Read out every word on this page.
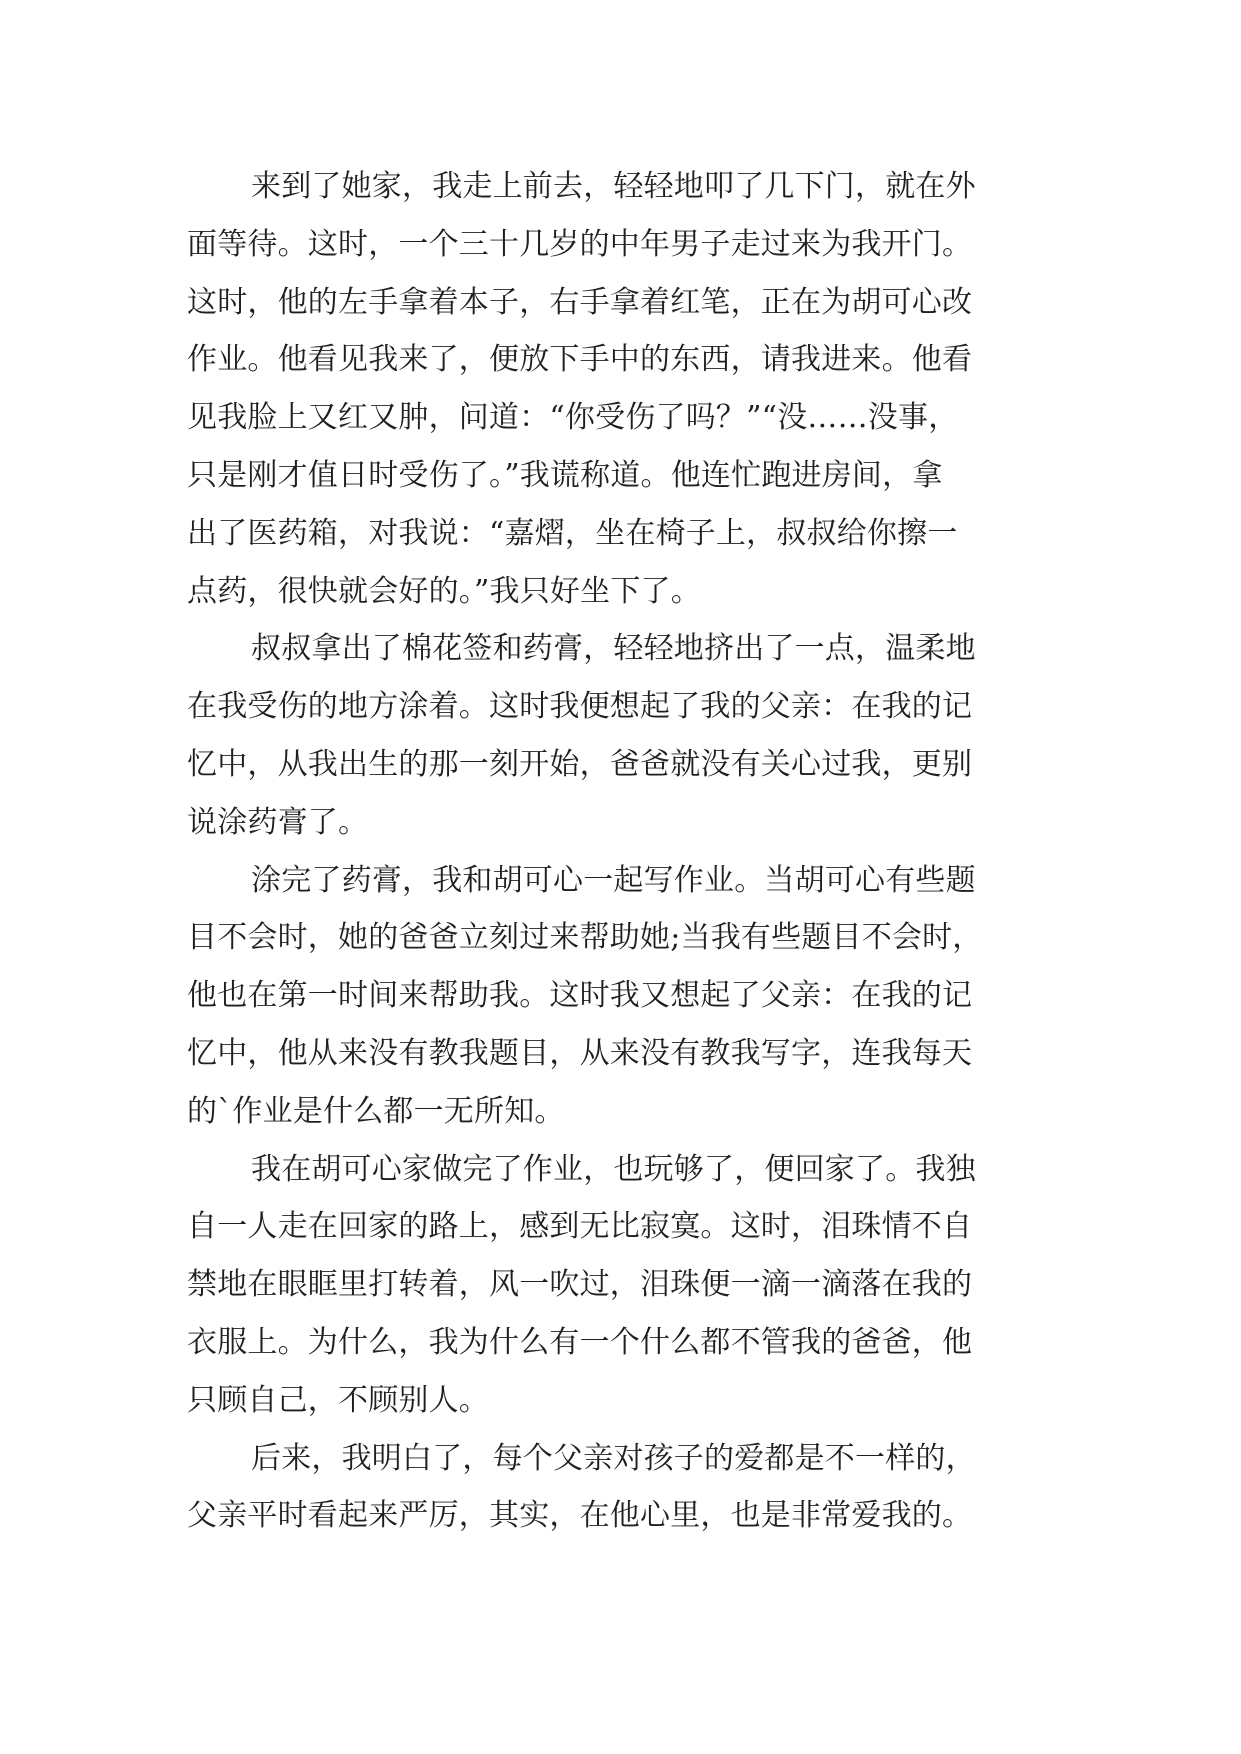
来到了她家，我走上前去，轻轻地叩了几下门，就在外
面等待。这时，一个三十几岁的中年男子走过来为我开门。
这时，他的左手拿着本子，右手拿着红笔，正在为胡可心改
作业。他看见我来了，便放下手中的东西，请我进来。他看
见我脸上又红又肿，问道：“你受伤了吗？”“没……没事，
只是刚才值日时受伤了。”我谎称道。他连忙跑进房间，拿
出了医药箱，对我说：“嘉熠，坐在椅子上，叔叔给你擦一
点药，很快就会好的。”我只好坐下了。
叔叔拿出了棉花签和药膏，轻轻地挤出了一点，温柔地
在我受伤的地方涂着。这时我便想起了我的父亲：在我的记
忆中，从我出生的那一刻开始，爸爸就没有关心过我，更别
说涂药膏了。
涂完了药膏，我和胡可心一起写作业。当胡可心有些题
目不会时，她的爸爸立刻过来帮助她;当我有些题目不会时，
他也在第一时间来帮助我。这时我又想起了父亲：在我的记
忆中，他从来没有教我题目，从来没有教我写字，连我每天
的`作业是什么都一无所知。
我在胡可心家做完了作业，也玩够了，便回家了。我独
自一人走在回家的路上，感到无比寂寞。这时，泪珠情不自
禁地在眼眶里打转着，风一吹过，泪珠便一滴一滴落在我的
衣服上。为什么，我为什么有一个什么都不管我的爸爸，他
只顾自己，不顾别人。
后来，我明白了，每个父亲对孩子的爱都是不一样的，
父亲平时看起来严厉，其实，在他心里，也是非常爱我的。
